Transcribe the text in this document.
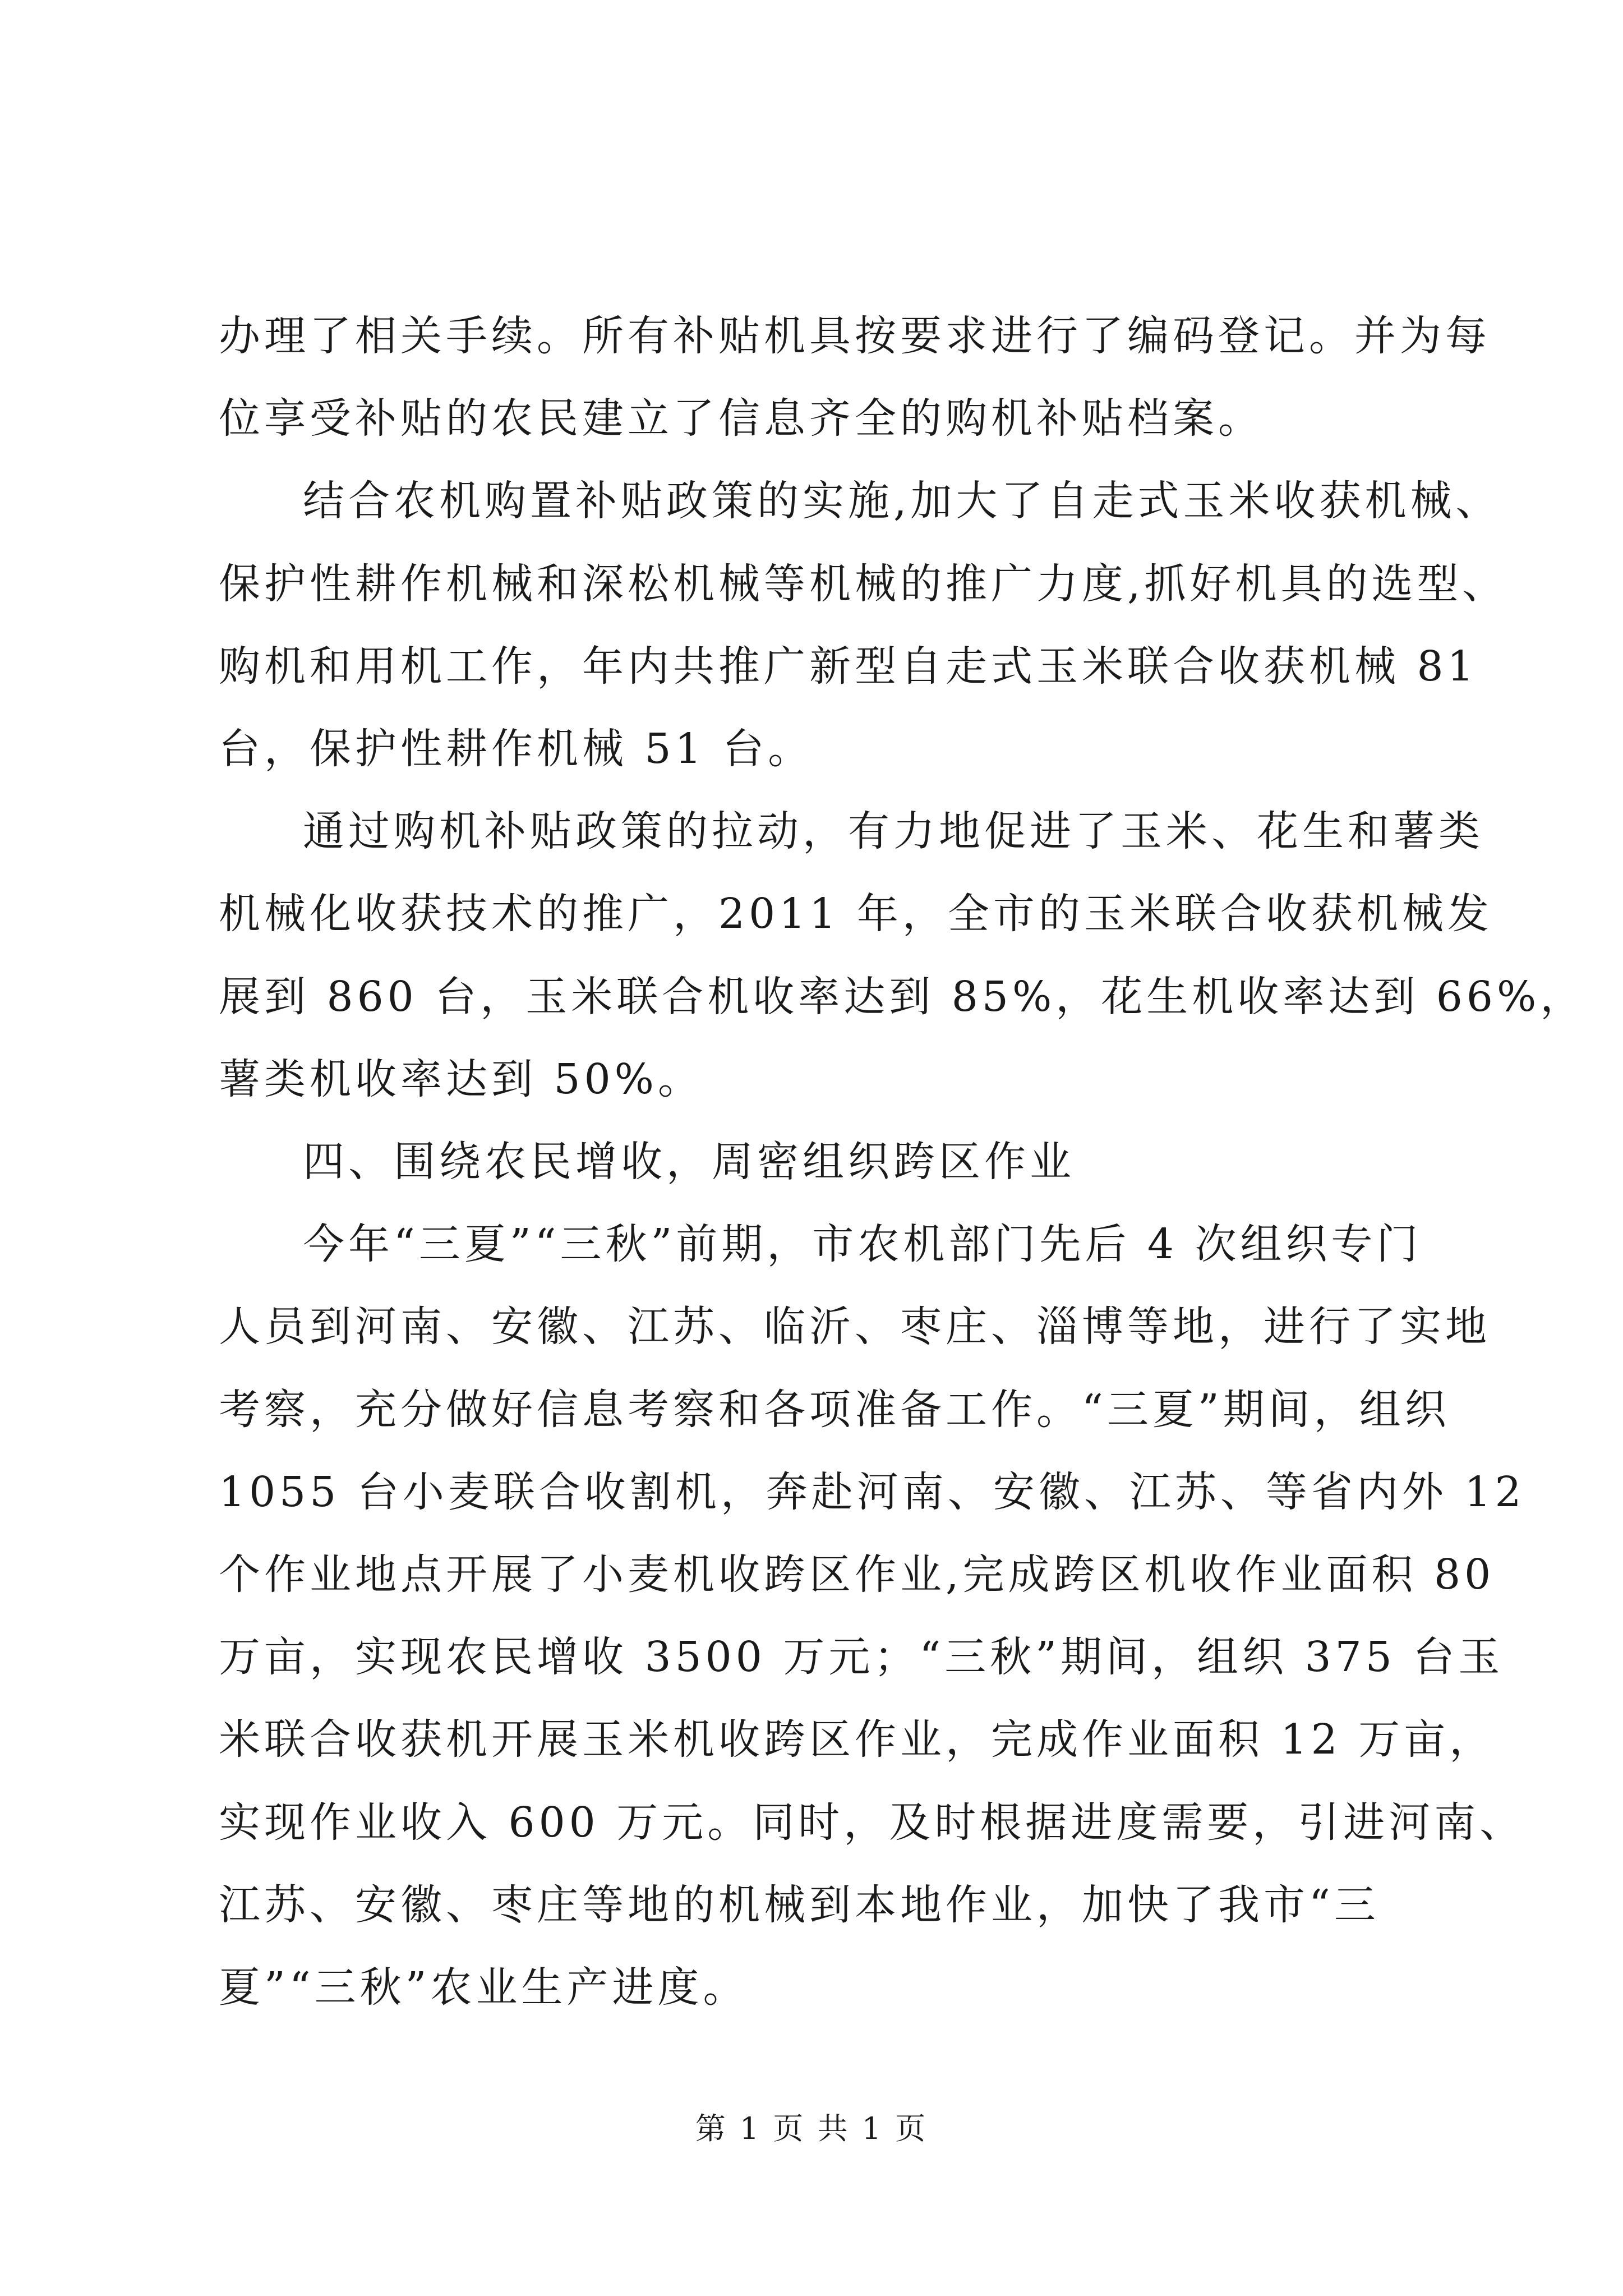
办理了相关手续。所有补贴机具按要求进行了编码登记。并为每
位享受补贴的农民建立了信息齐全的购机补贴档案。
结合农机购置补贴政策的实施,加大了自走式玉米收获机械、
保护性耕作机械和深松机械等机械的推广力度,抓好机具的选型、
购机和用机工作，年内共推广新型自走式玉米联合收获机械 81
台，保护性耕作机械 51 台。
通过购机补贴政策的拉动，有力地促进了玉米、花生和薯类
机械化收获技术的推广，2011 年，全市的玉米联合收获机械发
展到 860 台，玉米联合机收率达到 85%，花生机收率达到 66%，
薯类机收率达到 50%。
四、围绕农民增收，周密组织跨区作业
今年“三夏”“三秋”前期，市农机部门先后 4 次组织专门
人员到河南、安徽、江苏、临沂、枣庄、淄博等地，进行了实地
考察，充分做好信息考察和各项准备工作。“三夏”期间，组织
1055 台小麦联合收割机，奔赴河南、安徽、江苏、等省内外 12
个作业地点开展了小麦机收跨区作业,完成跨区机收作业面积 80
万亩，实现农民增收 3500 万元；“三秋”期间，组织 375 台玉
米联合收获机开展玉米机收跨区作业，完成作业面积 12 万亩，
实现作业收入 600 万元。同时，及时根据进度需要，引进河南、
江苏、安徽、枣庄等地的机械到本地作业，加快了我市“三
夏”“三秋”农业生产进度。
第 1 页 共 1 页
